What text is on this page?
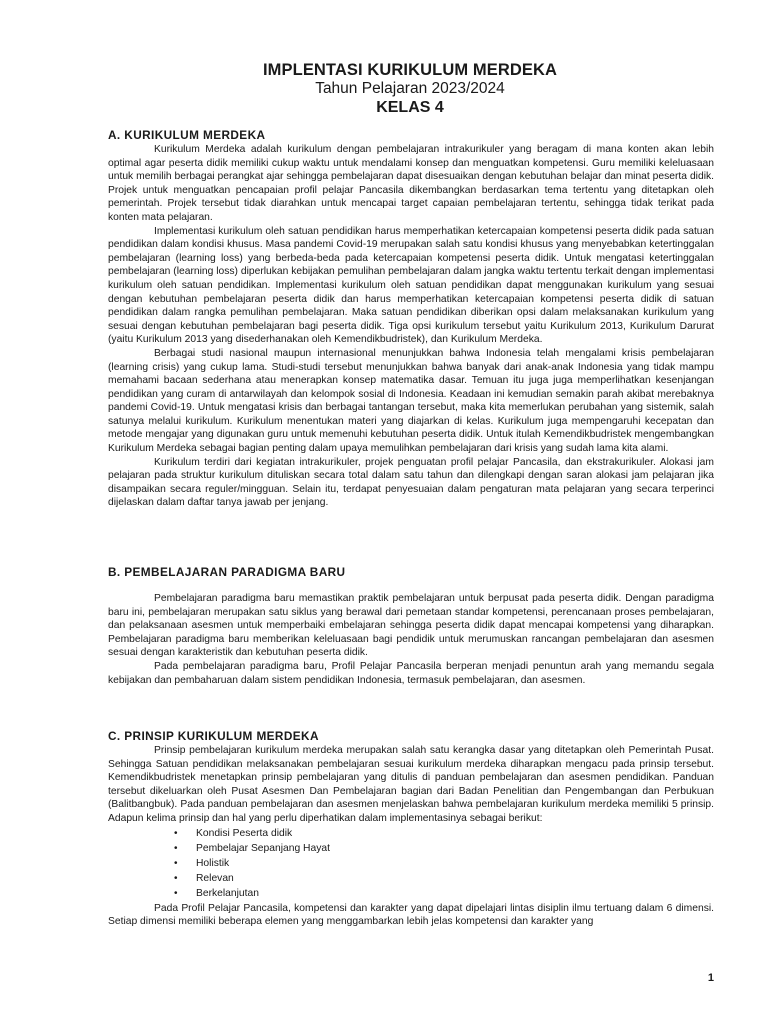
IMPLENTASI KURIKULUM MERDEKA
Tahun Pelajaran 2023/2024
KELAS 4
A. KURIKULUM MERDEKA

Kurikulum Merdeka adalah kurikulum dengan pembelajaran intrakurikuler yang beragam di mana konten akan lebih optimal agar peserta didik memiliki cukup waktu untuk mendalami konsep dan menguatkan kompetensi. Guru memiliki keleluasaan untuk memilih berbagai perangkat ajar sehingga pembelajaran dapat disesuaikan dengan kebutuhan belajar dan minat peserta didik. Projek untuk menguatkan pencapaian profil pelajar Pancasila dikembangkan berdasarkan tema tertentu yang ditetapkan oleh pemerintah. Projek tersebut tidak diarahkan untuk mencapai target capaian pembelajaran tertentu, sehingga tidak terikat pada konten mata pelajaran.

Implementasi kurikulum oleh satuan pendidikan harus memperhatikan ketercapaian kompetensi peserta didik pada satuan pendidikan dalam kondisi khusus. Masa pandemi Covid-19 merupakan salah satu kondisi khusus yang menyebabkan ketertinggalan pembelajaran (learning loss) yang berbeda-beda pada ketercapaian kompetensi peserta didik. Untuk mengatasi ketertinggalan pembelajaran (learning loss) diperlukan kebijakan pemulihan pembelajaran dalam jangka waktu tertentu terkait dengan implementasi kurikulum oleh satuan pendidikan. Implementasi kurikulum oleh satuan pendidikan dapat menggunakan kurikulum yang sesuai dengan kebutuhan pembelajaran peserta didik dan harus memperhatikan ketercapaian kompetensi peserta didik di satuan pendidikan dalam rangka pemulihan pembelajaran. Maka satuan pendidikan diberikan opsi dalam melaksanakan kurikulum yang sesuai dengan kebutuhan pembelajaran bagi peserta didik. Tiga opsi kurikulum tersebut yaitu Kurikulum 2013, Kurikulum Darurat (yaitu Kurikulum 2013 yang disederhanakan oleh Kemendikbudristek), dan Kurikulum Merdeka.

Berbagai studi nasional maupun internasional menunjukkan bahwa Indonesia telah mengalami krisis pembelajaran (learning crisis) yang cukup lama. Studi-studi tersebut menunjukkan bahwa banyak dari anak-anak Indonesia yang tidak mampu memahami bacaan sederhana atau menerapkan konsep matematika dasar. Temuan itu juga juga memperlihatkan kesenjangan pendidikan yang curam di antarwilayah dan kelompok sosial di Indonesia. Keadaan ini kemudian semakin parah akibat merebaknya pandemi Covid-19. Untuk mengatasi krisis dan berbagai tantangan tersebut, maka kita memerlukan perubahan yang sistemik, salah satunya melalui kurikulum. Kurikulum menentukan materi yang diajarkan di kelas. Kurikulum juga mempengaruhi kecepatan dan metode mengajar yang digunakan guru untuk memenuhi kebutuhan peserta didik. Untuk itulah Kemendikbudristek mengembangkan Kurikulum Merdeka sebagai bagian penting dalam upaya memulihkan pembelajaran dari krisis yang sudah lama kita alami.

Kurikulum terdiri dari kegiatan intrakurikuler, projek penguatan profil pelajar Pancasila, dan ekstrakurikuler. Alokasi jam pelajaran pada struktur kurikulum dituliskan secara total dalam satu tahun dan dilengkapi dengan saran alokasi jam pelajaran jika disampaikan secara reguler/mingguan. Selain itu, terdapat penyesuaian dalam pengaturan mata pelajaran yang secara terperinci dijelaskan dalam daftar tanya jawab per jenjang.

B. PEMBELAJARAN PARADIGMA BARU

Pembelajaran paradigma baru memastikan praktik pembelajaran untuk berpusat pada peserta didik. Dengan paradigma baru ini, pembelajaran merupakan satu siklus yang berawal dari pemetaan standar kompetensi, perencanaan proses pembelajaran, dan pelaksanaan asesmen untuk memperbaiki embelajaran sehingga peserta didik dapat mencapai kompetensi yang diharapkan. Pembelajaran paradigma baru memberikan keleluasaan bagi pendidik untuk merumuskan rancangan pembelajaran dan asesmen sesuai dengan karakteristik dan kebutuhan peserta didik.

Pada pembelajaran paradigma baru, Profil Pelajar Pancasila berperan menjadi penuntun arah yang memandu segala kebijakan dan pembaharuan dalam sistem pendidikan Indonesia, termasuk pembelajaran, dan asesmen.

C. PRINSIP KURIKULUM MERDEKA

Prinsip pembelajaran kurikulum merdeka merupakan salah satu kerangka dasar yang ditetapkan oleh Pemerintah Pusat. Sehingga Satuan pendidikan melaksanakan pembelajaran sesuai kurikulum merdeka diharapkan mengacu pada prinsip tersebut. Kemendikbudristek menetapkan prinsip pembelajaran yang ditulis di panduan pembelajaran dan asesmen pendidikan. Panduan tersebut dikeluarkan oleh Pusat Asesmen Dan Pembelajaran bagian dari Badan Penelitian dan Pengembangan dan Perbukuan (Balitbangbuk). Pada panduan pembelajaran dan asesmen menjelaskan bahwa pembelajaran kurikulum merdeka memiliki 5 prinsip. Adapun kelima prinsip dan hal yang perlu diperhatikan dalam implementasinya sebagai berikut:

• Kondisi Peserta didik
• Pembelajar Sepanjang Hayat
• Holistik
• Relevan
• Berkelanjutan

Pada Profil Pelajar Pancasila, kompetensi dan karakter yang dapat dipelajari lintas disiplin ilmu tertuang dalam 6 dimensi. Setiap dimensi memiliki beberapa elemen yang menggambarkan lebih jelas kompetensi dan karakter yang

1
